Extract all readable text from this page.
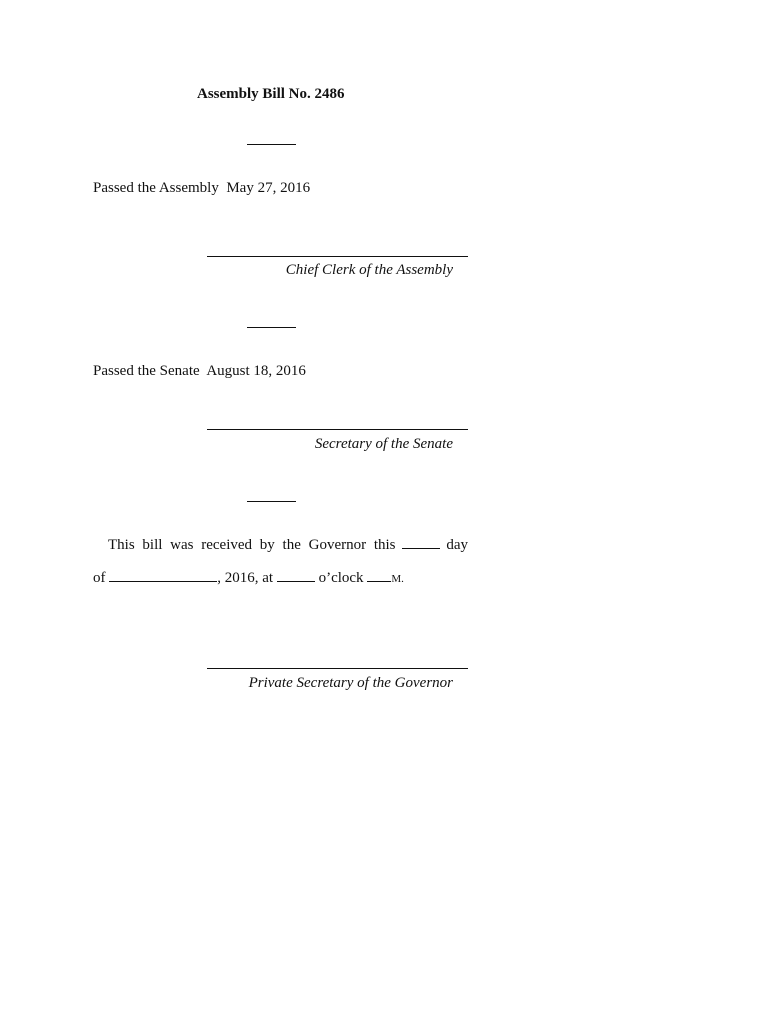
Assembly Bill No. 2486
Passed the Assembly May 27, 2016
Chief Clerk of the Assembly
Passed the Senate August 18, 2016
Secretary of the Senate
This bill was received by the Governor this	day
of	, 2016, at	o’clock	M.
Private Secretary of the Governor
